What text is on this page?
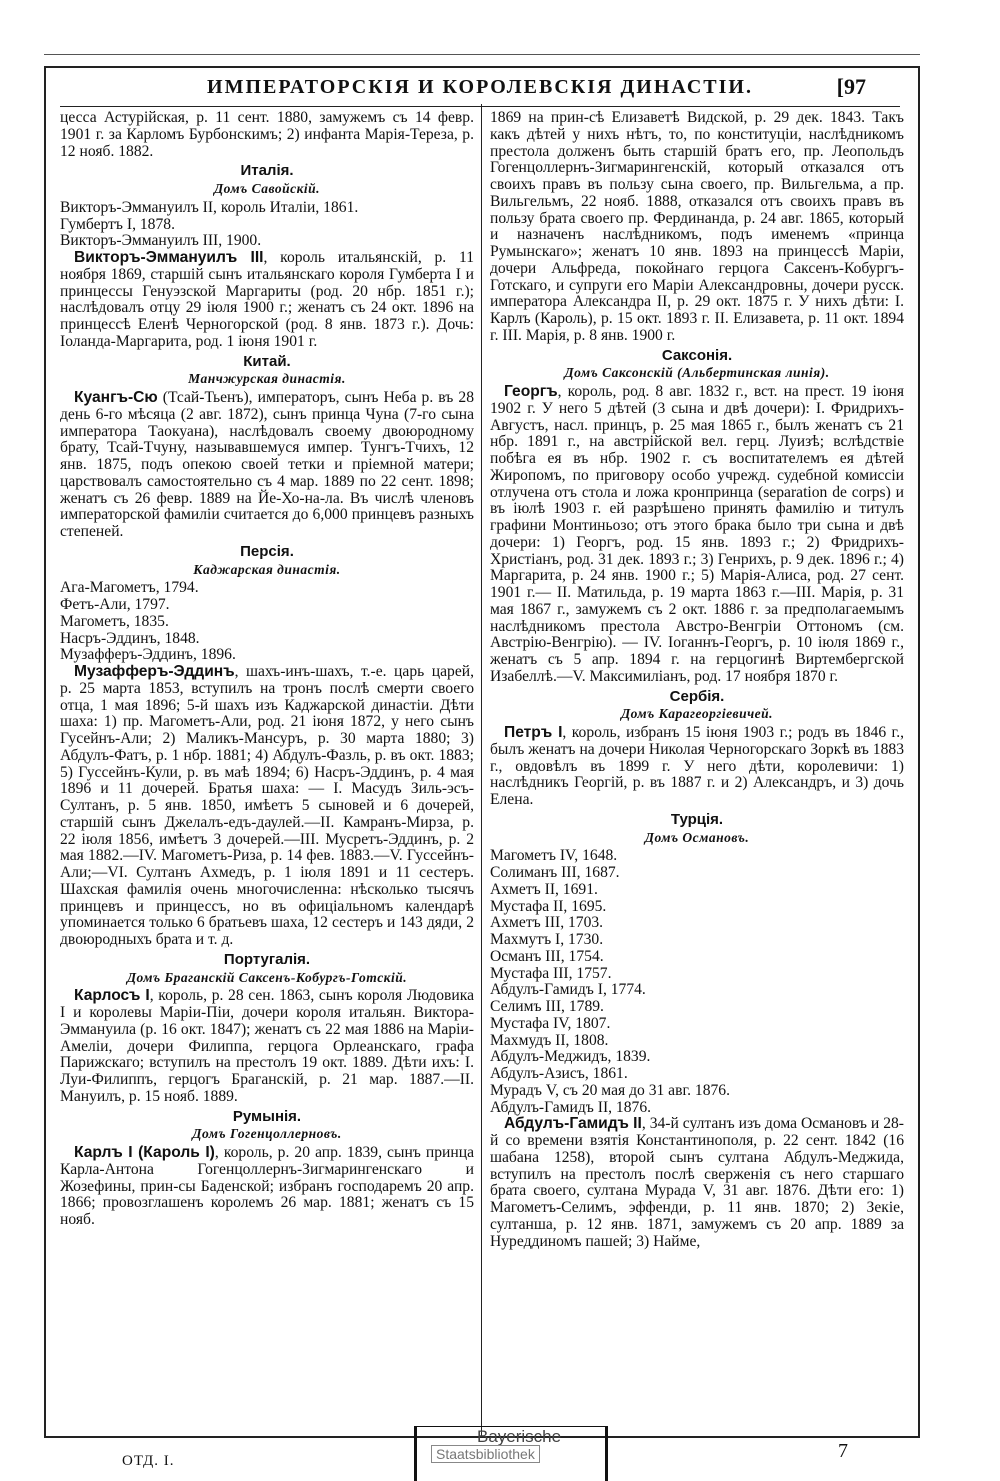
ИМПЕРАТОРСКІЯ И КОРОЛЕВСКІЯ ДИНАСТІИ.	[97

цесса Астурійская, р. 11 сент. 1880, замужемъ съ 14 февр. 1901 г. за Карломъ Бурбонскимъ; 2) инфанта Марія-Тереза, р. 12 нояб. 1882.

Италія.

Домъ Савойскій.

Викторъ-Эммануилъ II, король Италіи, 1861.

Гумбертъ I, 1878.

Викторъ-Эммануилъ III, 1900.

Викторъ-Эммануилъ III, король итальянскій, р. 11 ноября 1869, старшій сынъ итальянскаго короля Гумберта I и принцессы Генуэзской Маргариты (род. 20 нбр. 1851 г.); наслѣдовалъ отцу 29 іюля 1900 г.; женатъ съ 24 окт. 1896 на принцессѣ Еленѣ Черногорской (род. 8 янв. 1873 г.). Дочь: Іоланда-Маргарита, род. 1 іюня 1901 г.

Китай.

Манчжурская династія.

Куангъ-Сю (Тсай-Тьенъ), императоръ, сынъ Неба р. въ 28 день 6-го мѣсяца (2 авг. 1872), сынъ принца Чуна (7-го сына императора Таокуана), наслѣдовалъ своему двоюродному брату, Тсай-Тчуну, называвшемуся импер. Тунгъ-Тчихъ, 12 янв. 1875, подъ опекою своей тетки и пріемной матери; царствовалъ самостоятельно съ 4 мар. 1889 по 22 сент. 1898; женатъ съ 26 февр. 1889 на Йе-Хо-на-ла. Въ числѣ членовъ императорской фамиліи считается до 6,000 принцевъ разныхъ степеней.

Персія.

Каджарская династія.

Ага-Магометъ, 1794.

Фетъ-Али, 1797.

Магометъ, 1835.

Насръ-Эддинъ, 1848.

Музафферъ-Эддинъ, 1896.

Музафферъ-Эддинъ, шахъ-инъ-шахъ, т.-е. царь царей, р. 25 марта 1853, вступилъ на тронъ послѣ смерти своего отца, 1 мая 1896; 5-й шахъ изъ Каджарской династіи. Дѣти шаха: 1) пр. Магометъ-Али, род. 21 іюня 1872, у него сынъ Гусейнъ-Али; 2) Маликъ-Мансуръ, р. 30 марта 1880; 3) Абдулъ-Фатъ, р. 1 нбр. 1881; 4) Абдулъ-Фазль, р. въ окт. 1883; 5) Гуссейнъ-Кули, р. въ маѣ 1894; 6) Насръ-Эддинъ, р. 4 мая 1896 и 11 дочерей. Братья шаха: — I. Масудъ Зиль-эсъ-Султанъ, р. 5 янв. 1850, имѣетъ 5 сыновей и 6 дочерей, старшій сынъ Джелалъ-едъ-даулей.—II. Камранъ-Мирза, р. 22 іюля 1856, имѣетъ 3 дочерей.—III. Мусретъ-Эддинъ, р. 2 мая 1882.—IV. Магометъ-Риза, р. 14 фев. 1883.—V. Гуссейнъ-Али;—VI. Султанъ Ахмедъ, р. 1 іюля 1891 и 11 сестеръ. Шахская фамилія очень многочисленна: нѣсколько тысячъ принцевъ и принцессъ, но въ офиціальномъ календарѣ упоминается только 6 братьевъ шаха, 12 сестеръ и 143 дяди, 2 двоюродныхъ брата и т. д.

Португалія.

Домъ Браганскій Саксенъ-Кобургъ-Готскій.

Карлосъ I, король, р. 28 сен. 1863, сынъ короля Людовика I и королевы Маріи-Піи, дочери короля итальян. Виктора-Эммануила (р. 16 окт. 1847); женатъ съ 22 мая 1886 на Маріи-Амеліи, дочери Филиппа, герцога Орлеанскаго, графа Парижскаго; вступилъ на престолъ 19 окт. 1889. Дѣти ихъ: I. Луи-Филиппъ, герцогъ Браганскій, р. 21 мар. 1887.—II. Мануилъ, р. 15 нояб. 1889.

Румынія.

Домъ Гогенцоллерновъ.

Карлъ I (Кароль I), король, р. 20 апр. 1839, сынъ принца Карла-Антона Гогенцоллернъ-Зигмарингенскаго и Жозефины, прин-сы Баденской; избранъ господаремъ 20 апр. 1866; провозглашенъ королемъ 26 мар. 1881; женатъ съ 15 нояб.

1869 на прин-сѣ Елизаветѣ Видской, р. 29 дек. 1843. Такъ какъ дѣтей у нихъ нѣтъ, то, по конституціи, наслѣдникомъ престола долженъ быть старшій братъ его, пр. Леопольдъ Гогенцоллернъ-Зигмарингенскій, который отказался отъ своихъ правъ въ пользу сына своего, пр. Вильгельма, а пр. Вильгельмъ, 22 нояб. 1888, отказался отъ своихъ правъ въ пользу брата своего пр. Фердинанда, р. 24 авг. 1865, который и назначенъ наслѣдникомъ, подъ именемъ «принца Румынскаго»; женатъ 10 янв. 1893 на принцессѣ Маріи, дочери Альфреда, покойнаго герцога Саксенъ-Кобургъ-Готскаго, и супруги его Маріи Александровны, дочери русск. императора Александра II, р. 29 окт. 1875 г. У нихъ дѣти: I. Карлъ (Кароль), р. 15 окт. 1893 г. II. Елизавета, р. 11 окт. 1894 г. III. Марія, р. 8 янв. 1900 г.

Саксонія.

Домъ Саксонскій (Альбертинская линія).

Георгъ, король, род. 8 авг. 1832 г., вст. на прест. 19 іюня 1902 г. У него 5 дѣтей (3 сына и двѣ дочери): I. Фридрихъ-Августъ, насл. принцъ, р. 25 мая 1865 г., былъ женатъ съ 21 нбр. 1891 г., на австрійской вел. герц. Луизѣ; вслѣдствіе побѣга ея въ нбр. 1902 г. съ воспитателемъ ея дѣтей Жиропомъ, по приговору особо учрежд. судебной комиссіи отлучена отъ стола и ложа кронпринца (separation de corps) и въ іюлѣ 1903 г. ей разрѣшено принять фамилію и титулъ графини Монтиньозо; отъ этого брака было три сына и двѣ дочери: 1) Георгъ, род. 15 янв. 1893 г.; 2) Фридрихъ-Христіанъ, род. 31 дек. 1893 г.; 3) Генрихъ, р. 9 дек. 1896 г.; 4) Маргарита, р. 24 янв. 1900 г.; 5) Марія-Алиса, род. 27 сент. 1901 г.— II. Матильда, р. 19 марта 1863 г.—III. Марія, р. 31 мая 1867 г., замужемъ съ 2 окт. 1886 г. за предполагаемымъ наслѣдникомъ престола Австро-Венгріи Оттономъ (см. Австрію-Венгрію). — IV. Іоганнъ-Георгъ, р. 10 іюля 1869 г., женатъ съ 5 апр. 1894 г. на герцогинѣ Виртембергской Изабеллѣ.—V. Максимиліанъ, род. 17 ноября 1870 г.

Сербія.

Домъ Карагеоргіевичей.

Петръ I, король, избранъ 15 іюня 1903 г.; родъ въ 1846 г., былъ женатъ на дочери Николая Черногорскаго Зоркѣ въ 1883 г., овдовѣлъ въ 1899 г. У него дѣти, королевичи: 1) наслѣдникъ Георгій, р. въ 1887 г. и 2) Александръ, и 3) дочь Елена.

Турція.

Домъ Османовъ.

Магометъ IV, 1648.

Солиманъ III, 1687.

Ахметъ II, 1691.

Мустафа II, 1695.

Ахметъ III, 1703.

Махмутъ I, 1730.

Османъ III, 1754.

Мустафа III, 1757.

Абдулъ-Гамидъ I, 1774.

Селимъ III, 1789.

Мустафа IV, 1807.

Махмудъ II, 1808.

Абдулъ-Меджидъ, 1839.

Абдулъ-Азисъ, 1861.

Мурадъ V, съ 20 мая до 31 авг. 1876.

Абдулъ-Гамидъ II, 1876.

Абдулъ-Гамидъ II, 34-й султанъ изъ дома Османовъ и 28-й со времени взятія Константинополя, р. 22 сент. 1842 (16 шабана 1258), второй сынъ султана Абдулъ-Меджида, вступилъ на престолъ послѣ сверженія съ него старшаго брата своего, султана Мурада V, 31 авг. 1876. Дѣти его: 1) Магометъ-Селимъ, эффенди, р. 11 янв. 1870; 2) Зекіе, султанша, р. 12 янв. 1871, замужемъ съ 20 апр. 1889 за Нуреддиномъ пашей; 3) Найме,

ОТД. I.	7
Bayerische
Staatsbibliothek
